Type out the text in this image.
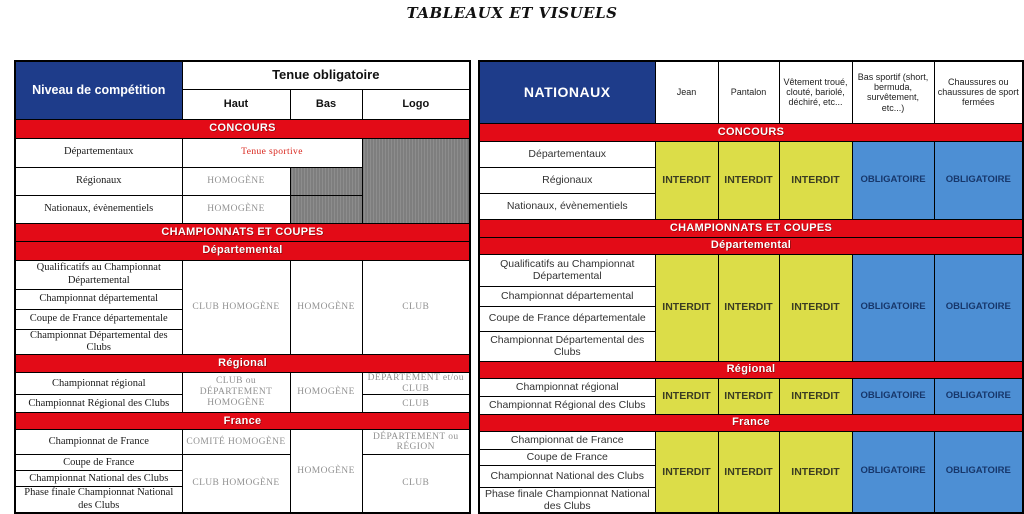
TABLEAUX ET VISUELS
Niveau de compétition	Tenue obligatoire		
	Haut	Bas	Logo
CONCOURS			
Départementaux	Tenue sportive		
Régionaux	HOMOGÈNE		
Nationaux, évènementiels	HOMOGÈNE		
CHAMPIONNATS ET COUPES			
Départemental			
Qualificatifs au Championnat Départemental	CLUB HOMOGÈNE	HOMOGÈNE	CLUB
Championnat départemental			
Coupe de France départementale			
Championnat Départemental des Clubs			
Régional			
Championnat régional	CLUB ou DÉPARTEMENT HOMOGÈNE	HOMOGÈNE	DÉPARTEMENT et/ou CLUB
Championnat Régional des Clubs			CLUB
France			
Championnat de France	COMITÉ HOMOGÈNE	HOMOGÈNE	DÉPARTEMENT ou RÉGION
Coupe de France	CLUB HOMOGÈNE		CLUB
Championnat National des Clubs			
Phase finale Championnat National des Clubs			
NATIONAUX	Jean	Pantalon	Vêtement troué, clouté, bariolé, déchiré, etc...	Bas sportif (short, bermuda, survêtement, etc...)	Chaussures ou chaussures de sport fermées
CONCOURS					
Départementaux	INTERDIT	INTERDIT	INTERDIT	OBLIGATOIRE	OBLIGATOIRE
Régionaux					
Nationaux, évènementiels					
CHAMPIONNATS ET COUPES					
Départemental					
Qualificatifs au Championnat Départemental	INTERDIT	INTERDIT	INTERDIT	OBLIGATOIRE	OBLIGATOIRE
Championnat départemental					
Coupe de France départementale					
Championnat Départemental des Clubs					
Régional					
Championnat régional	INTERDIT	INTERDIT	INTERDIT	OBLIGATOIRE	OBLIGATOIRE
Championnat Régional des Clubs					
France					
Championnat de France	INTERDIT	INTERDIT	INTERDIT	OBLIGATOIRE	OBLIGATOIRE
Coupe de France					
Championnat National des Clubs					
Phase finale Championnat National des Clubs					
